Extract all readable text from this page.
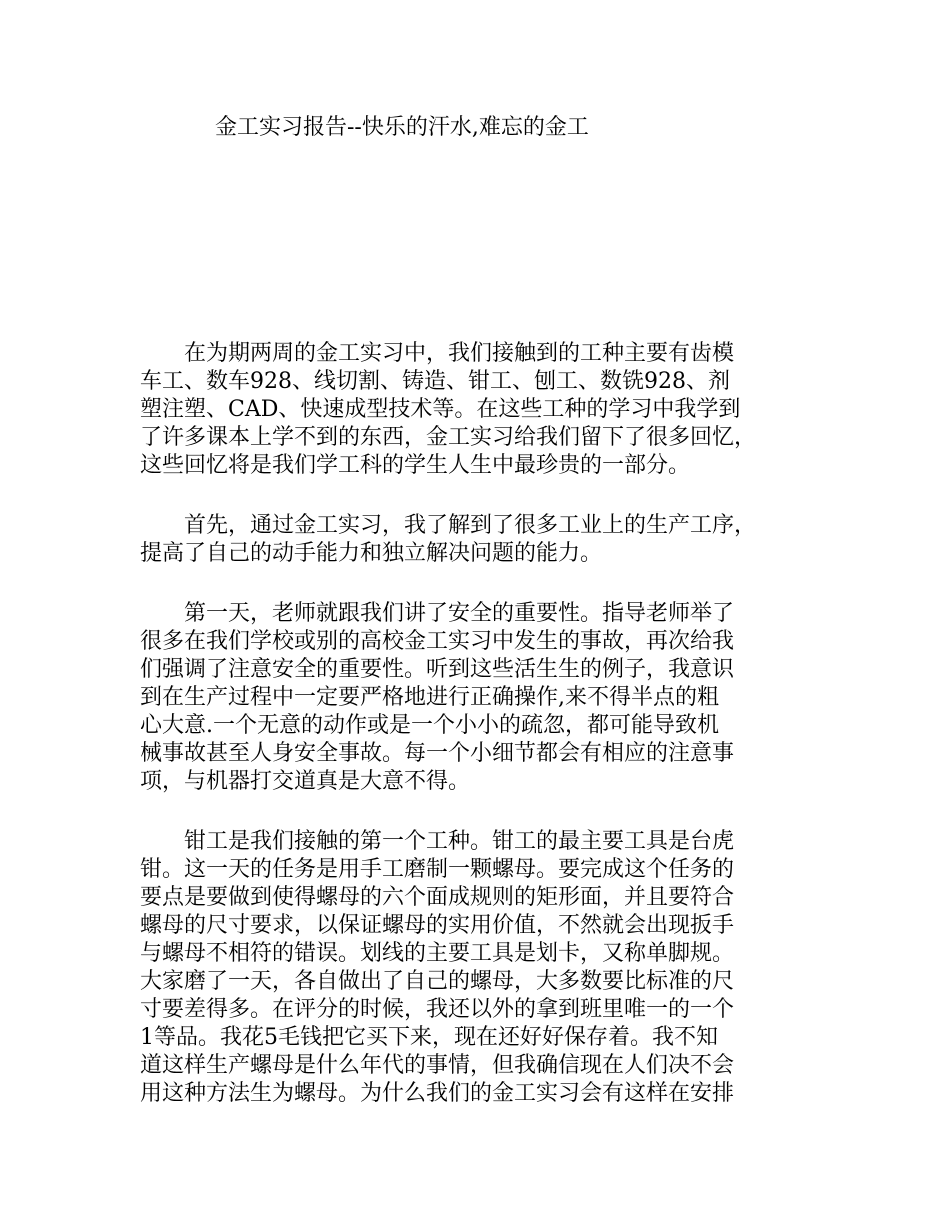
金工实习报告--快乐的汗水,难忘的金工

　　在为期两周的金工实习中，我们接触到的工种主要有齿模
车工、数车928、线切割、铸造、钳工、刨工、数铣928、剂
塑注塑、CAD、快速成型技术等。在这些工种的学习中我学到
了许多课本上学不到的东西，金工实习给我们留下了很多回忆，
这些回忆将是我们学工科的学生人生中最珍贵的一部分。

　　首先，通过金工实习，我了解到了很多工业上的生产工序，
提高了自己的动手能力和独立解决问题的能力。

　　第一天，老师就跟我们讲了安全的重要性。指导老师举了
很多在我们学校或别的高校金工实习中发生的事故，再次给我
们强调了注意安全的重要性。听到这些活生生的例子，我意识
到在生产过程中一定要严格地进行正确操作,来不得半点的粗
心大意.一个无意的动作或是一个小小的疏忽，都可能导致机
械事故甚至人身安全事故。每一个小细节都会有相应的注意事
项，与机器打交道真是大意不得。

　　钳工是我们接触的第一个工种。钳工的最主要工具是台虎
钳。这一天的任务是用手工磨制一颗螺母。要完成这个任务的
要点是要做到使得螺母的六个面成规则的矩形面，并且要符合
螺母的尺寸要求，以保证螺母的实用价值，不然就会出现扳手
与螺母不相符的错误。划线的主要工具是划卡，又称单脚规。
大家磨了一天，各自做出了自己的螺母，大多数要比标准的尺
寸要差得多。在评分的时候，我还以外的拿到班里唯一的一个
1等品。我花5毛钱把它买下来，现在还好好保存着。我不知
道这样生产螺母是什么年代的事情，但我确信现在人们决不会
用这种方法生为螺母。为什么我们的金工实习会有这样在安排
